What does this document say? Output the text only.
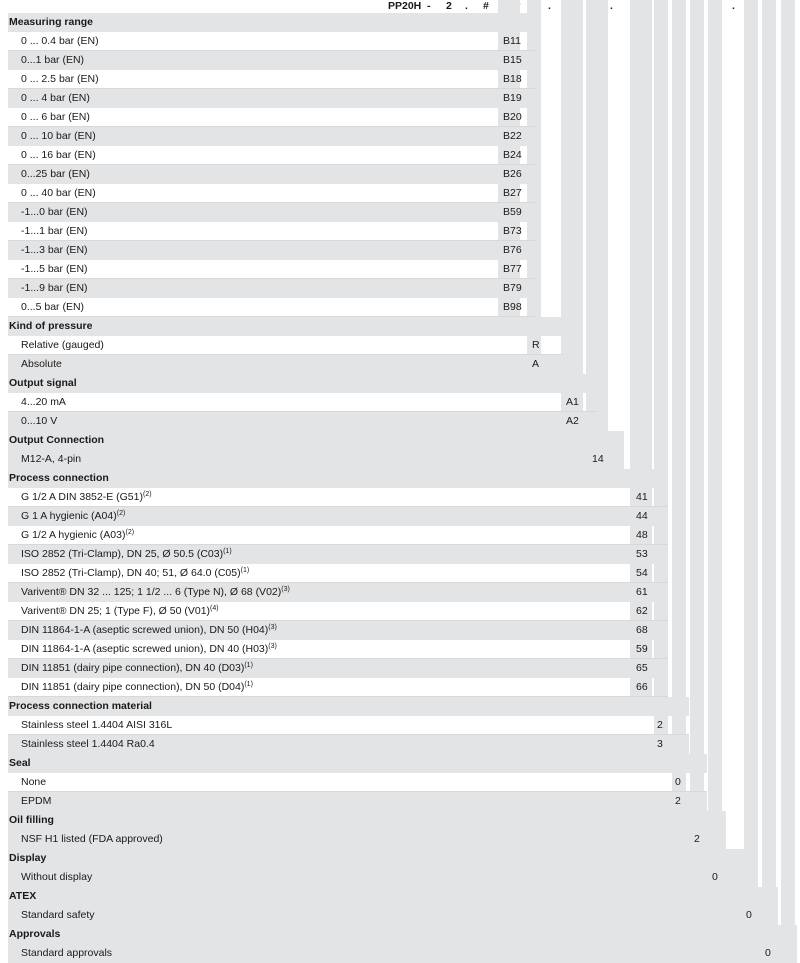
PP20H - 2 . #	.	.	.
Measuring range
0 ... 0.4 bar (EN)	B11
0...1 bar (EN)	B15
0 ... 2.5 bar (EN)	B18
0 ... 4 bar (EN)	B19
0 ... 6 bar (EN)	B20
0 ... 10 bar (EN)	B22
0 ... 16 bar (EN)	B24
0...25 bar (EN)	B26
0 ... 40 bar (EN)	B27
-1...0 bar (EN)	B59
-1...1 bar (EN)	B73
-1...3 bar (EN)	B76
-1...5 bar (EN)	B77
-1...9 bar (EN)	B79
0...5 bar (EN)	B98
Kind of pressure
Relative (gauged)	R
Absolute	A
Output signal
4...20 mA	A1
0...10 V	A2
Output Connection
M12-A, 4-pin	14
Process connection
G 1/2 A DIN 3852-E $(G51)^{(2)}$	41
G 1 A hygienic $(A04)^{(2)}$	44
G 1/2 A hygienic $(A03)^{(2)}$	48
ISO 2852 (Tri-Clamp), DN 25, Ø 50.5 $(C03)^{(1)}$	53
ISO 2852 (Tri-Clamp), DN 40; 51, Ø 64.0 $(C05)^{(1)}$	54
Varivent® DN 32 ... 125; 1 1/2 ... 6 (Type N), Ø 68 $(V02)^{(3)}$	61
Varivent® DN 25; 1 (Type F), Ø 50 $(V01)^{(4)}$	62
DIN 11864-1-A (aseptic screwed union), DN 50 $(H04)^{(3)}$	68
DIN 11864-1-A (aseptic screwed union), DN 40 $(H03)^{(3)}$	59
DIN 11851 (dairy pipe connection), DN 40 $(D03)^{(1)}$	65
DIN 11851 (dairy pipe connection), DN 50 $(D04)^{(1)}$	66
Process connection material
Stainless steel 1.4404 AISI 316L	2
Stainless steel 1.4404 Ra0.4	3
Seal
None	0
EPDM	2
Oil filling
NSF H1 listed (FDA approved)	2
Display
Without display	0
ATEX
Standard safety	0
Approvals
Standard approvals	0
